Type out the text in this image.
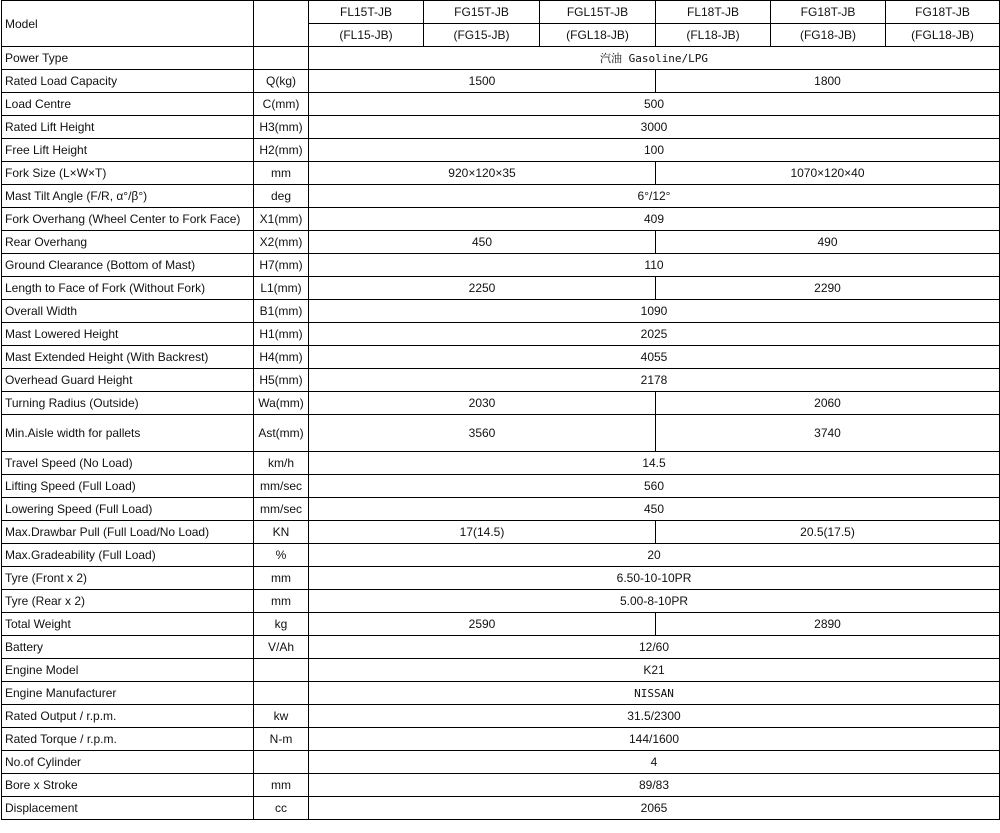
Model		FL15T-JB	FG15T-JB	FGL15T-JB	FL18T-JB	FG18T-JB	FG18T-JB
		(FL15-JB)	(FG15-JB)	(FGL18-JB)	(FL18-JB)	(FG18-JB)	(FGL18-JB)
Power Type		汽油 Gasoline/LPG					
Rated Load Capacity	Q(kg)	1500			1800		
Load Centre	C(mm)	500					
Rated Lift Height	H3(mm)	3000					
Free Lift Height	H2(mm)	100					
Fork Size (L×W×T)	mm	920×120×35			1070×120×40		
Mast Tilt Angle (F/R, α°/β°)	deg	6°/12°					
Fork Overhang (Wheel Center to Fork Face)	X1(mm)	409					
Rear Overhang	X2(mm)	450			490		
Ground Clearance (Bottom of Mast)	H7(mm)	110					
Length to Face of Fork (Without Fork)	L1(mm)	2250			2290		
Overall Width	B1(mm)	1090					
Mast Lowered Height	H1(mm)	2025					
Mast Extended Height (With Backrest)	H4(mm)	4055					
Overhead Guard Height	H5(mm)	2178					
Turning Radius (Outside)	Wa(mm)	2030			2060		
Min.Aisle width for pallets	Ast(mm)	3560			3740		
Travel Speed (No Load)	km/h	14.5					
Lifting Speed (Full Load)	mm/sec	560					
Lowering Speed (Full Load)	mm/sec	450					
Max.Drawbar Pull (Full Load/No Load)	KN	17(14.5)			20.5(17.5)		
Max.Gradeability (Full Load)	%	20					
Tyre (Front x 2)	mm	6.50-10-10PR					
Tyre (Rear x 2)	mm	5.00-8-10PR					
Total Weight	kg	2590			2890		
Battery	V/Ah	12/60					
Engine Model		K21					
Engine Manufacturer		NISSAN					
Rated Output / r.p.m.	kw	31.5/2300					
Rated Torque / r.p.m.	N-m	144/1600					
No.of Cylinder		4					
Bore x Stroke	mm	89/83					
Displacement	cc	2065					
